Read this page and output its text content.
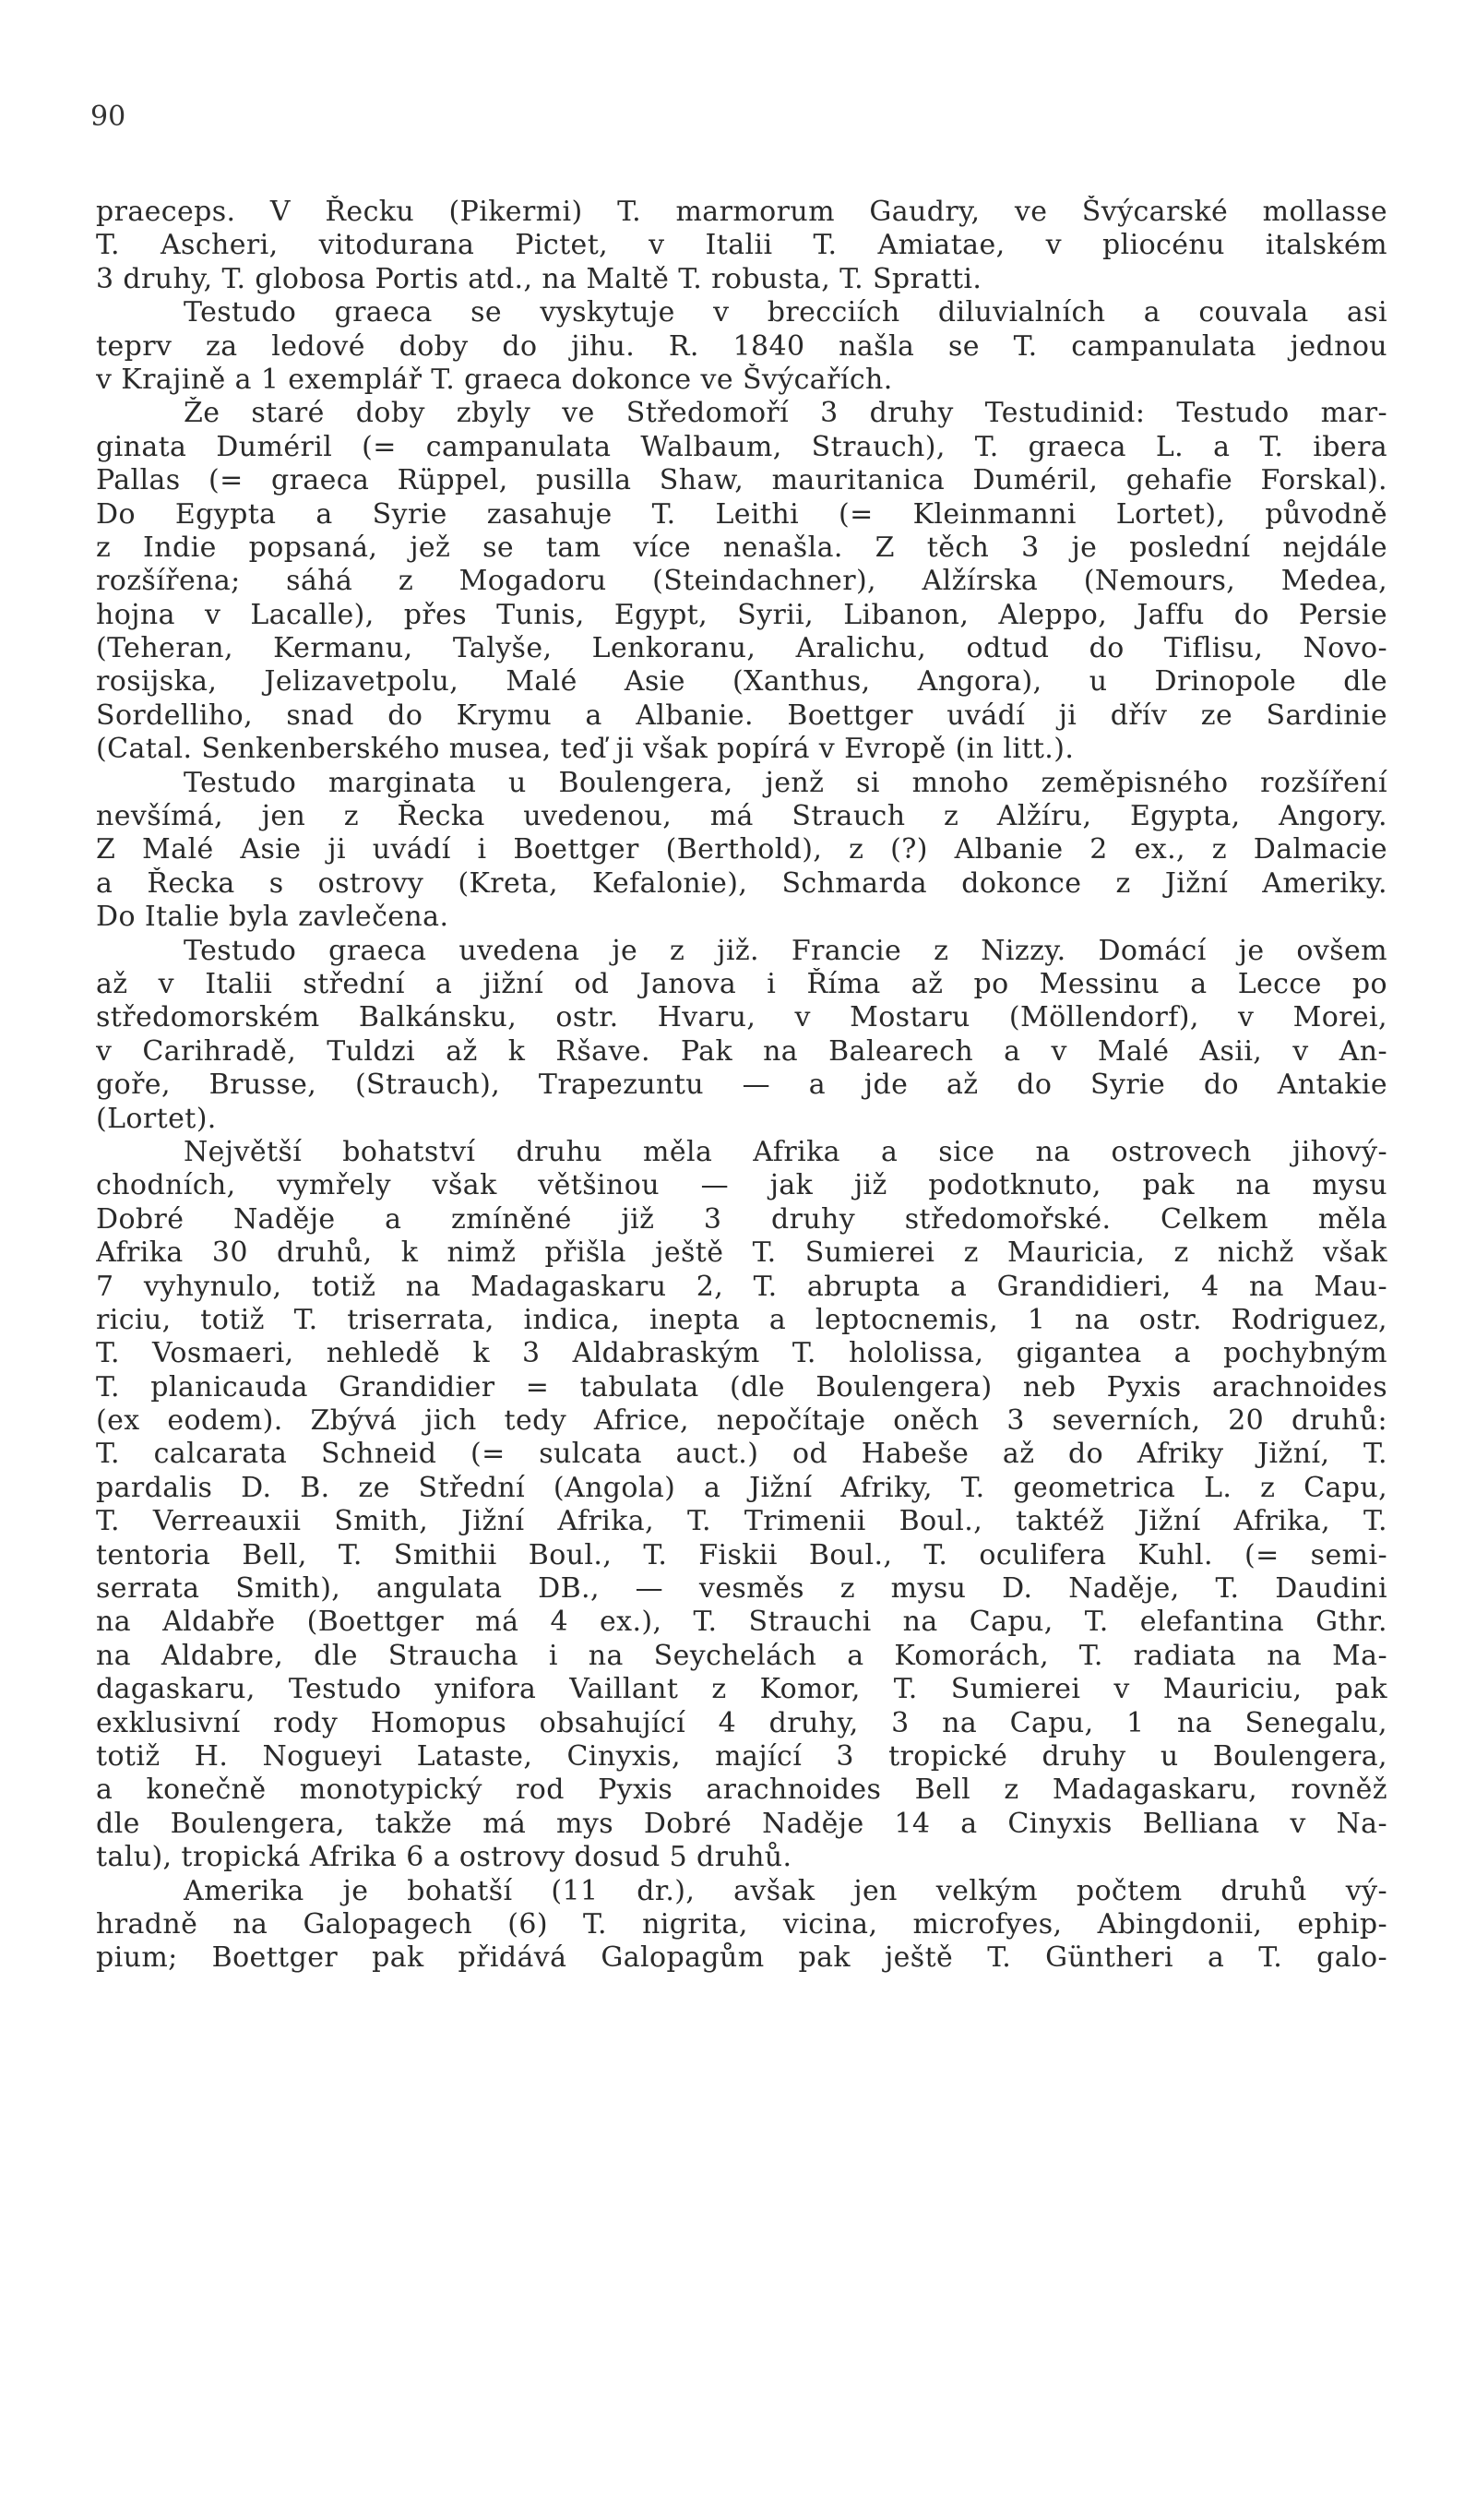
90
praeceps. V Řecku (Pikermi) T. marmorum Gaudry, ve Švýcarské mollasse
T. Ascheri, vitodurana Pictet, v Italii T. Amiatae, v pliocénu italském
3 druhy, T. globosa Portis atd., na Maltě T. robusta, T. Spratti.
Testudo graeca se vyskytuje v brecciích diluvialních a couvala asi
teprv za ledové doby do jihu. R. 1840 našla se T. campanulata jednou
v Krajině a 1 exemplář T. graeca dokonce ve Švýcařích.
Že staré doby zbyly ve Středomoří 3 druhy Testudinid: Testudo mar-
ginata Duméril (= campanulata Walbaum, Strauch), T. graeca L. a T. ibera
Pallas (= graeca Rüppel, pusilla Shaw, mauritanica Duméril, gehafie Forskal).
Do Egypta a Syrie zasahuje T. Leithi (= Kleinmanni Lortet), původně
z Indie popsaná, jež se tam více nenašla. Z těch 3 je poslední nejdále
rozšířena; sáhá z Mogadoru (Steindachner), Alžírska (Nemours, Medea,
hojna v Lacalle), přes Tunis, Egypt, Syrii, Libanon, Aleppo, Jaffu do Persie
(Teheran, Kermanu, Talyše, Lenkoranu, Aralichu, odtud do Tiflisu, Novo-
rosijska, Jelizavetpolu, Malé Asie (Xanthus, Angora), u Drinopole dle
Sordelliho, snad do Krymu a Albanie. Boettger uvádí ji dřív ze Sardinie
(Catal. Senkenberského musea, teď ji však popírá v Evropě (in litt.).
Testudo marginata u Boulengera, jenž si mnoho zeměpisného rozšíření
nevšímá, jen z Řecka uvedenou, má Strauch z Alžíru, Egypta, Angory.
Z Malé Asie ji uvádí i Boettger (Berthold), z (?) Albanie 2 ex., z Dalmacie
a Řecka s ostrovy (Kreta, Kefalonie), Schmarda dokonce z Jižní Ameriky.
Do Italie byla zavlečena.
Testudo graeca uvedena je z již. Francie z Nizzy. Domácí je ovšem
až v Italii střední a jižní od Janova i Říma až po Messinu a Lecce po
středomorském Balkánsku, ostr. Hvaru, v Mostaru (Möllendorf), v Morei,
v Carihradě, Tuldzi až k Ršave. Pak na Balearech a v Malé Asii, v An-
goře, Brusse, (Strauch), Trapezuntu — a jde až do Syrie do Antakie
(Lortet).
Největší bohatství druhu měla Afrika a sice na ostrovech jihový-
chodních, vymřely však většinou — jak již podotknuto, pak na mysu
Dobré Naděje a zmíněné již 3 druhy středomořské. Celkem měla
Afrika 30 druhů, k nimž přišla ještě T. Sumierei z Mauricia, z nichž však
7 vyhynulo, totiž na Madagaskaru 2, T. abrupta a Grandidieri, 4 na Mau-
riciu, totiž T. triserrata, indica, inepta a leptocnemis, 1 na ostr. Rodriguez,
T. Vosmaeri, nehledě k 3 Aldabraským T. hololissa, gigantea a pochybným
T. planicauda Grandidier = tabulata (dle Boulengera) neb Pyxis arachnoides
(ex eodem). Zbývá jich tedy Africe, nepočítaje oněch 3 severních, 20 druhů:
T. calcarata Schneid (= sulcata auct.) od Habeše až do Afriky Jižní, T.
pardalis D. B. ze Střední (Angola) a Jižní Afriky, T. geometrica L. z Capu,
T. Verreauxii Smith, Jižní Afrika, T. Trimenii Boul., taktéž Jižní Afrika, T.
tentoria Bell, T. Smithii Boul., T. Fiskii Boul., T. oculifera Kuhl. (= semi-
serrata Smith), angulata DB., — vesměs z mysu D. Naděje, T. Daudini
na Aldabře (Boettger má 4 ex.), T. Strauchi na Capu, T. elefantina Gthr.
na Aldabre, dle Straucha i na Seychelách a Komorách, T. radiata na Ma-
dagaskaru, Testudo ynifora Vaillant z Komor, T. Sumierei v Mauriciu, pak
exklusivní rody Homopus obsahující 4 druhy, 3 na Capu, 1 na Senegalu,
totiž H. Nogueyi Lataste, Cinyxis, mající 3 tropické druhy u Boulengera,
a konečně monotypický rod Pyxis arachnoides Bell z Madagaskaru, rovněž
dle Boulengera, takže má mys Dobré Naděje 14 a Cinyxis Belliana v Na-
talu), tropická Afrika 6 a ostrovy dosud 5 druhů.
Amerika je bohatší (11 dr.), avšak jen velkým počtem druhů vý-
hradně na Galopagech (6) T. nigrita, vicina, microfyes, Abingdonii, ephip-
pium; Boettger pak přidává Galopagům pak ještě T. Güntheri a T. galo-
